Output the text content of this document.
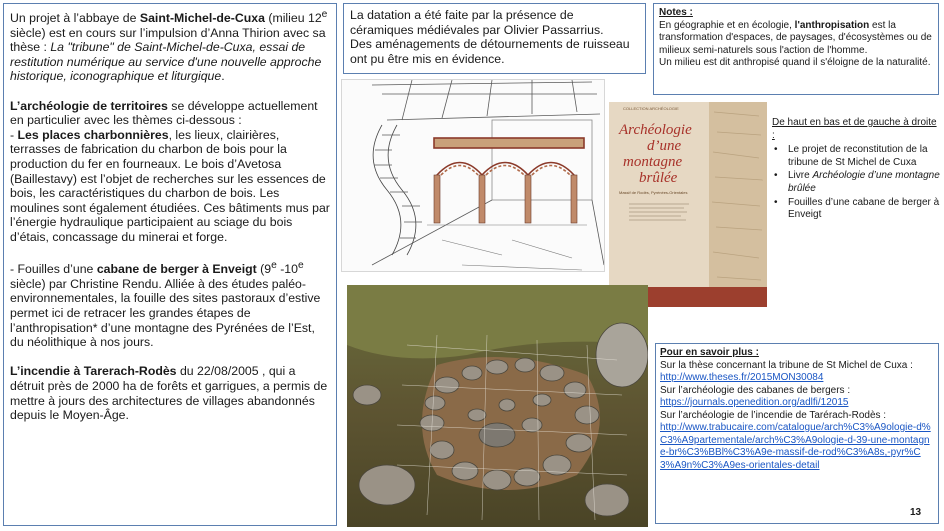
Un projet à l’abbaye de Saint-Michel-de-Cuxa (milieu 12e siècle) est en cours sur l’impulsion d’Anna Thirion avec sa thèse : La "tribune" de Saint-Michel-de-Cuxa, essai de restitution numérique au service d'une nouvelle approche historique, iconographique et liturgique.

L’archéologie de territoires se développe actuellement en particulier avec les thèmes ci-dessous :
- Les places charbonnières, les lieux, clairières, terrasses de fabrication du charbon de bois pour la production du fer en fourneaux. Le bois d’Avetosa (Baillestavy) est l’objet de recherches sur les essences de bois, les caractéristiques du charbon de bois. Les moulines sont également étudiées. Ces bâtiments mus par l’énergie hydraulique participaient au sciage du bois d’étais, concassage du minerai et forge.

- Fouilles d’une cabane de berger à Enveigt (9e -10e siècle) par Christine Rendu. Alliée à des études paléo-environnementales, la fouille des sites pastoraux d’estive permet ici de retracer les grandes étapes de l’anthropisation* d’une montagne des Pyrénées de l’Est, du néolithique à nos jours.

L’incendie à Tarerach-Rodès du 22/08/2005 , qui a détruit près de 2000 ha de forêts et garrigues, a permis de mettre à jours des architectures de villages abandonnés depuis le Moyen-Âge.

La datation a été faite par la présence de céramiques médiévales par Olivier Passarrius.
Des aménagements de détournements de ruisseau ont pu être mis en évidence.
Notes :
En géographie et en écologie, l'anthropisation est la transformation d'espaces, de paysages, d'écosystèmes ou de milieux semi-naturels sous l'action de l'homme.
Un milieu est dit anthropisé quand il s'éloigne de la naturalité.
COLLECTION ARCHÉOLOGIE
Archéologie
d’une
montagne
brûlée
Massif de Rodès, Pyrénées-Orientales
De haut en bas et de gauche à droite :
• Le projet de reconstitution de la tribune de St Michel de Cuxa
• Livre Archéologie d’une montagne brûlée
• Fouilles d’une cabane de berger à Enveigt
Pour en savoir plus :
Sur la thèse concernant la tribune de St Michel de Cuxa :
http://www.theses.fr/2015MON30084
Sur l’archéologie des cabanes de bergers :
https://journals.openedition.org/adlfi/12015
Sur l’archéologie de l’incendie de Tarérach-Rodès :
http://www.trabucaire.com/catalogue/arch%C3%A9ologie-d%C3%A9partementale/arch%C3%A9ologie-d-39-une-montagne-br%C3%BBl%C3%A9e-massif-de-rod%C3%A8s,-pyr%C3%A9n%C3%A9es-orientales-detail
13
